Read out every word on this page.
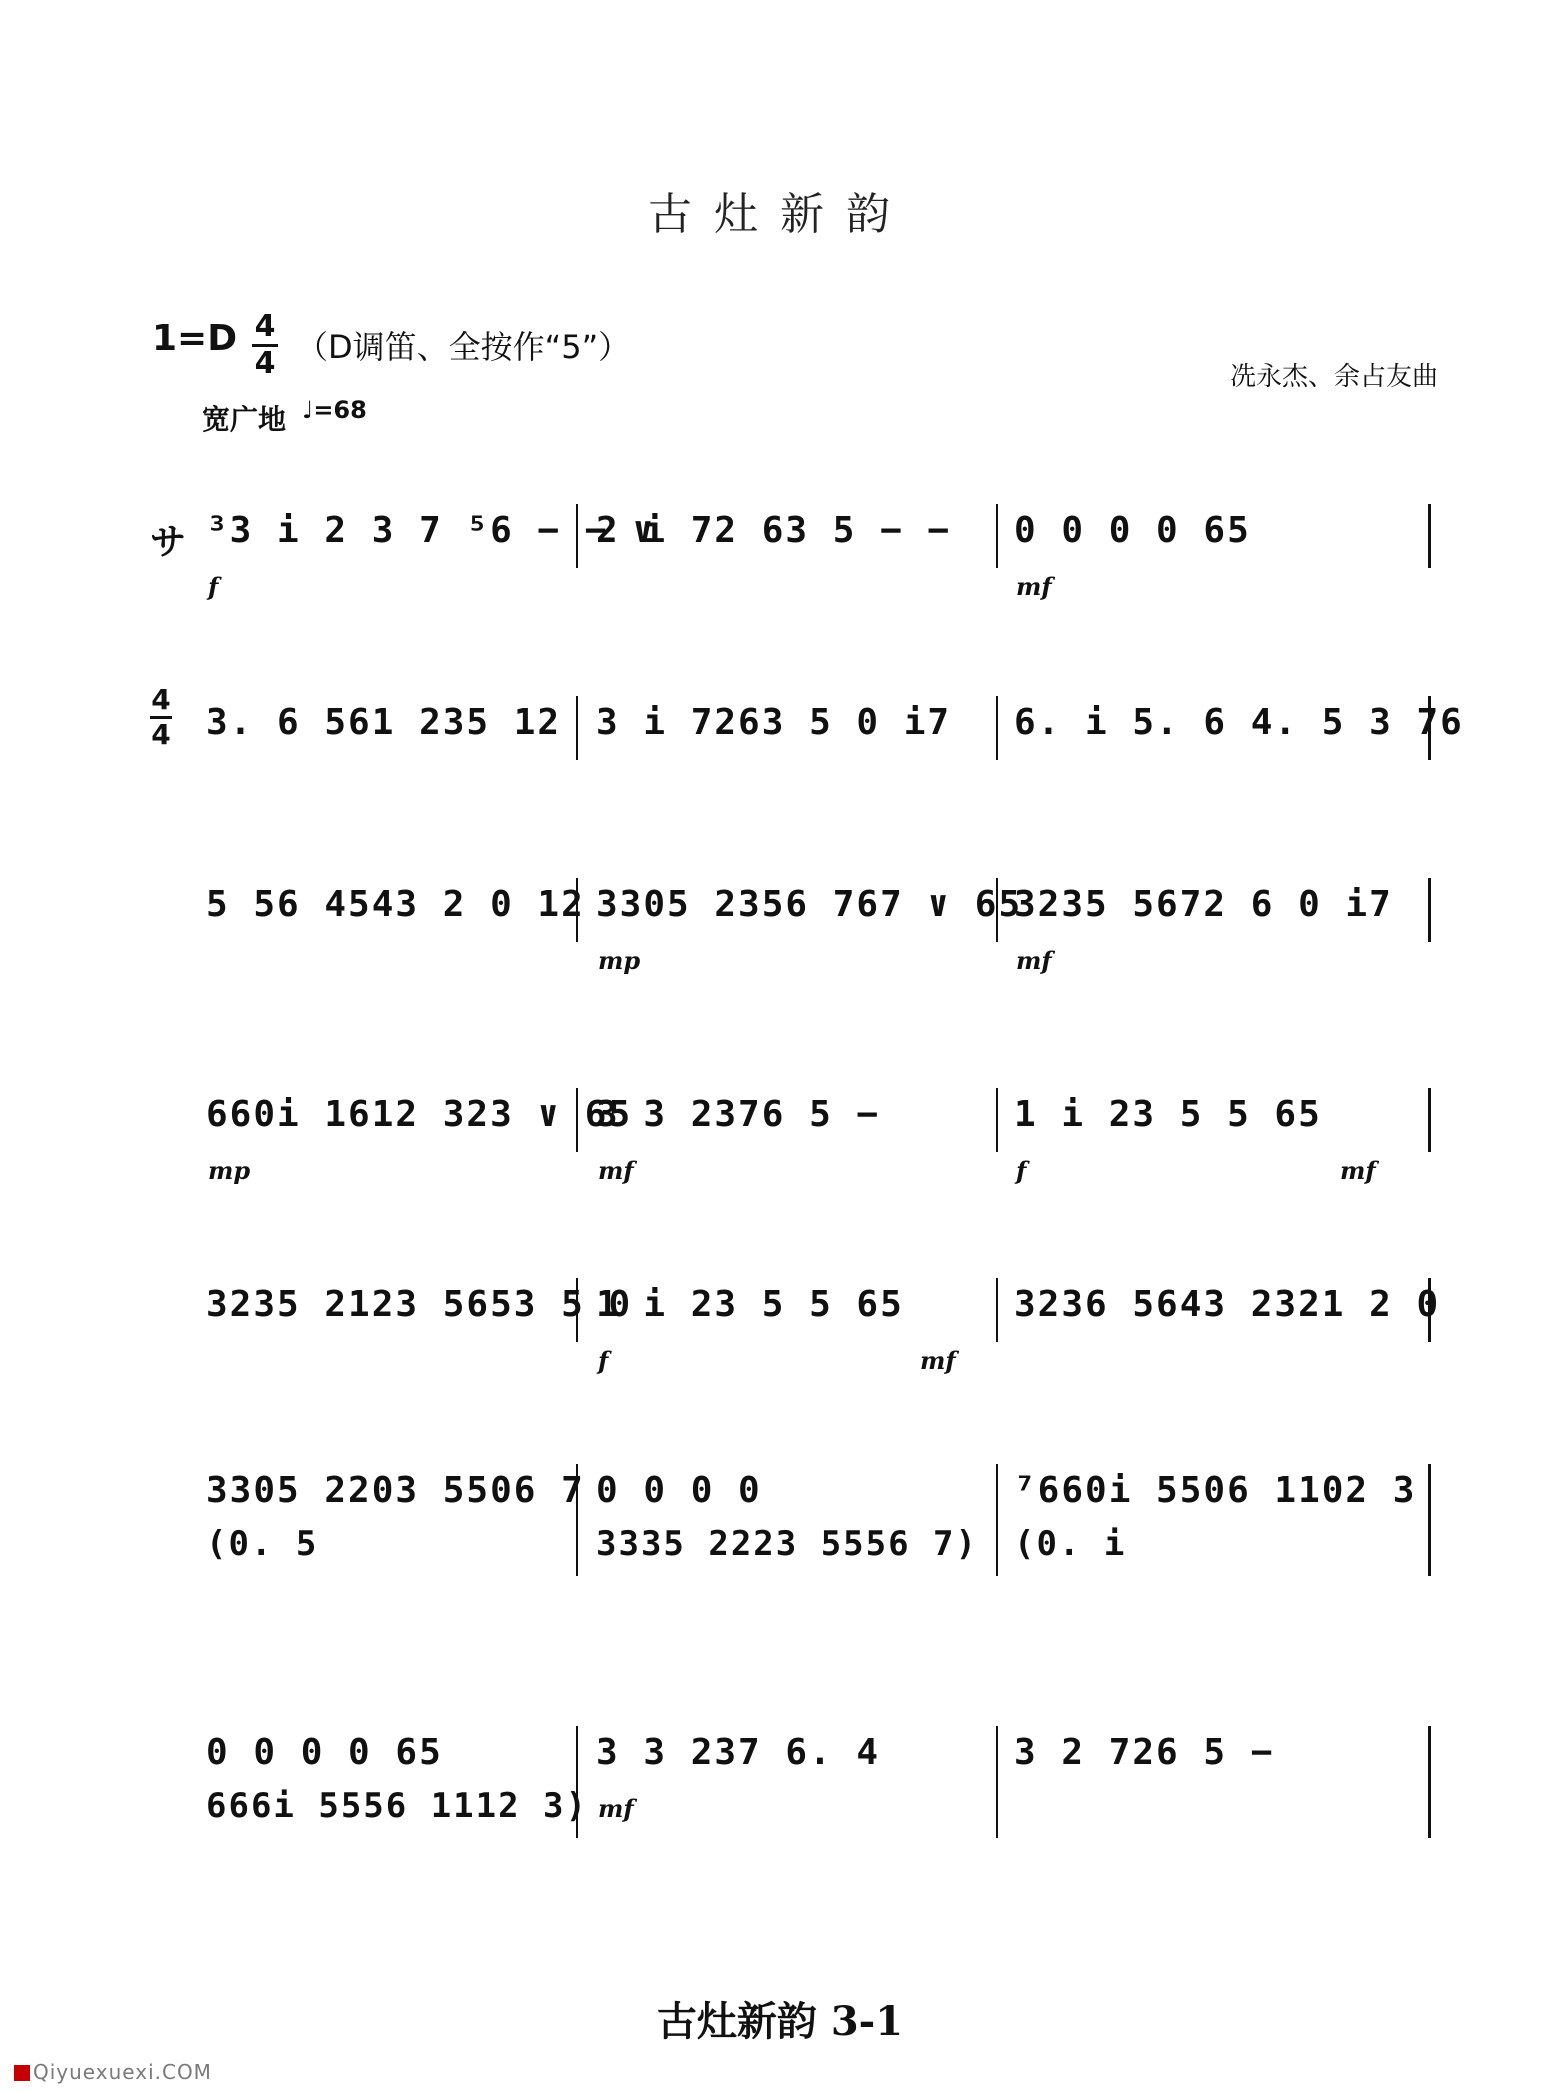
古灶新韵
1=D 4
4 （D调笛、全按作“5”）
冼永杰、余占友曲
宽广地 ♩=68
サ ³3 i 2 3 7 ⁵6 − − ∨
f
2 i 72 63 5 − − 0 0 0 0 65
mf
4
4 3. 6 561 235 12 3 i 7263 5 0 i7 6. i 5. 6 4. 5 3 76
5 56 4543 2 0 12 3305 2356 767 ∨ 65
mp
3235 5672 6 0 i7
mf
660i 1612 323 ∨ 65
mp
3 3 2376 5 −
mf
1 i 23 5 5 65
f	mf
3235 2123 5653 5 0
1 i 23 5 5 65
f	mf
3236 5643 2321 2 0
3305 2203 5506 7
(0. 5
0 0 0 0
3335 2223 5556 7)
⁷660i 5506 1102 3
(0. i
0 0 0 0 65
666i 5556 1112 3)
3 3 237 6. 4
mf
3 2 726 5 −
古灶新韵 3-1
Qiyuexuexi.COM
